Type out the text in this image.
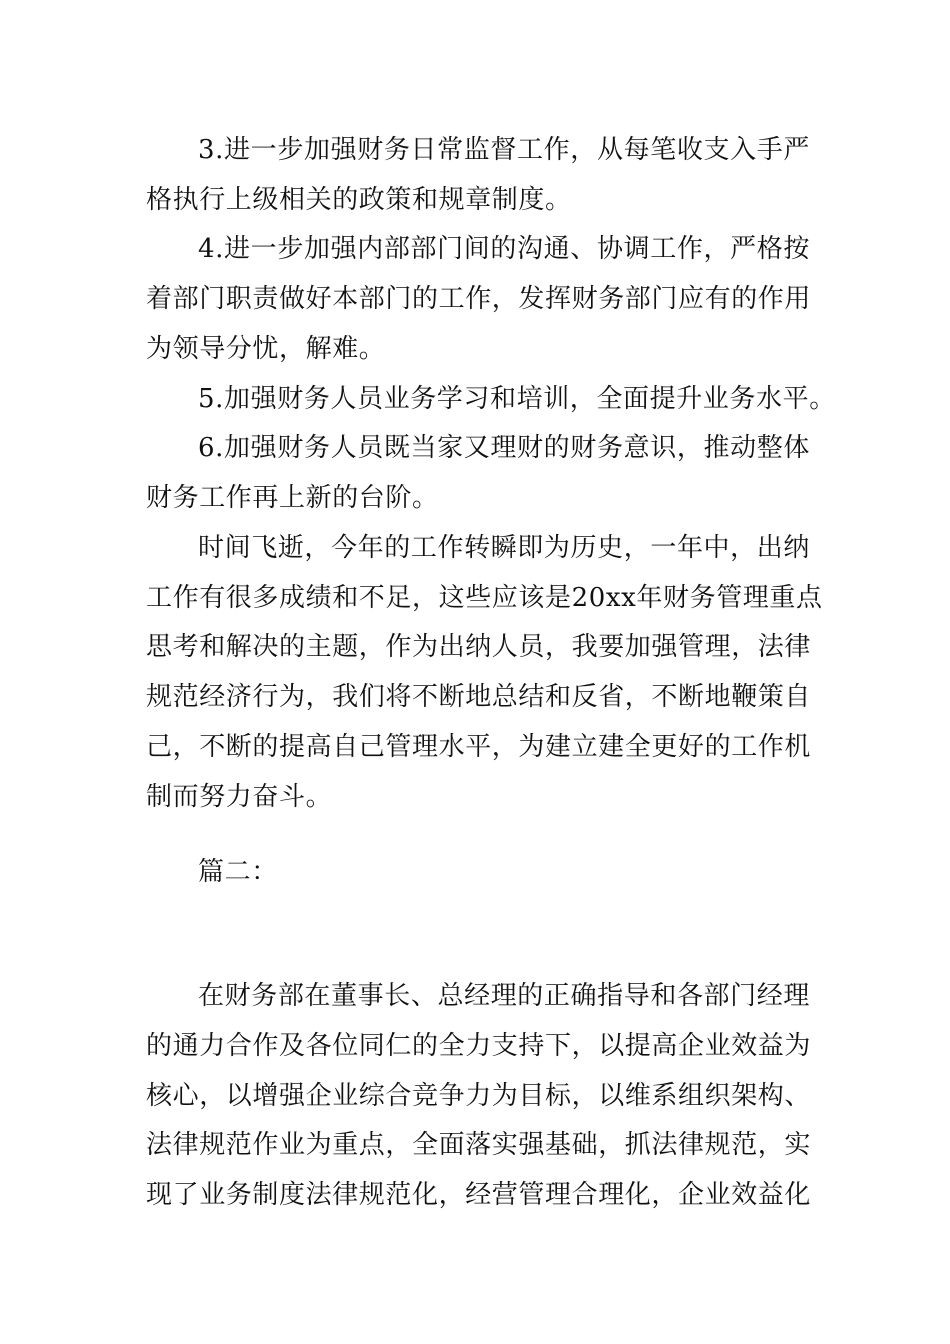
3.进一步加强财务日常监督工作，从每笔收支入手严
格执行上级相关的政策和规章制度。
4.进一步加强内部部门间的沟通、协调工作，严格按
着部门职责做好本部门的工作，发挥财务部门应有的作用
为领导分忧，解难。
5.加强财务人员业务学习和培训，全面提升业务水平。
6.加强财务人员既当家又理财的财务意识，推动整体
财务工作再上新的台阶。
时间飞逝，今年的工作转瞬即为历史，一年中，出纳
工作有很多成绩和不足，这些应该是20xx年财务管理重点
思考和解决的主题，作为出纳人员，我要加强管理，法律
规范经济行为，我们将不断地总结和反省，不断地鞭策自
己，不断的提高自己管理水平，为建立建全更好的工作机
制而努力奋斗。
篇二：
在财务部在董事长、总经理的正确指导和各部门经理
的通力合作及各位同仁的全力支持下，以提高企业效益为
核心，以增强企业综合竞争力为目标，以维系组织架构、
法律规范作业为重点，全面落实强基础，抓法律规范，实
现了业务制度法律规范化，经营管理合理化，企业效益化
